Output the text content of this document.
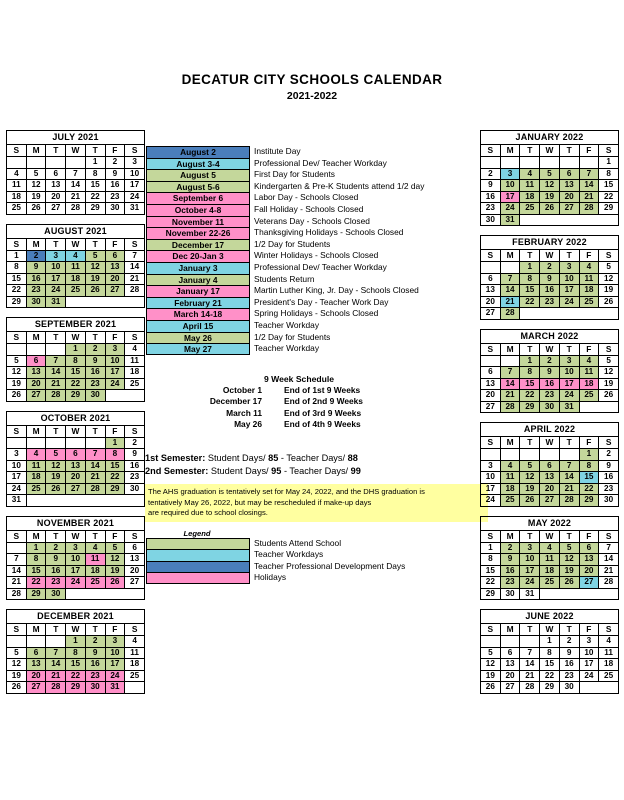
DECATUR CITY SCHOOLS CALENDAR
2021-2022
JULY 2021						
S	M	T	W	T	F	S
				1	2	3
4	5	6	7	8	9	10
11	12	13	14	15	16	17
18	19	20	21	22	23	24
25	26	27	28	29	30	31
AUGUST 2021						
S	M	T	W	T	F	S
1	2	3	4	5	6	7
8	9	10	11	12	13	14
15	16	17	18	19	20	21
22	23	24	25	26	27	28
29	30	31				
SEPTEMBER 2021						
S	M	T	W	T	F	S
			1	2	3	4
5	6	7	8	9	10	11
12	13	14	15	16	17	18
19	20	21	22	23	24	25
26	27	28	29	30		
OCTOBER 2021						
S	M	T	W	T	F	S
					1	2
3	4	5	6	7	8	9
10	11	12	13	14	15	16
17	18	19	20	21	22	23
24	25	26	27	28	29	30
31						
NOVEMBER 2021						
S	M	T	W	T	F	S
	1	2	3	4	5	6
7	8	9	10	11	12	13
14	15	16	17	18	19	20
21	22	23	24	25	26	27
28	29	30				
DECEMBER 2021						
S	M	T	W	T	F	S
			1	2	3	4
5	6	7	8	9	10	11
12	13	14	15	16	17	18
19	20	21	22	23	24	25
26	27	28	29	30	31	
August 2	Institute Day
August 3-4	Professional Dev/ Teacher Workday
August 5	First Day for Students
August 5-6	Kindergarten & Pre-K Students attend 1/2 day
September 6	Labor Day - Schools Closed
October 4-8	Fall Holiday - Schools Closed
November 11	Veterans Day - Schools Closed
November 22-26	Thanksgiving Holidays - Schools Closed
December 17	1/2 Day for Students
Dec 20-Jan 3	Winter Holidays - Schools Closed
January 3	Professional Dev/ Teacher Workday
January 4	Students Return
January 17	Martin Luther King, Jr. Day - Schools Closed
February 21	President's Day - Teacher Work Day
March 14-18	Spring Holidays - Schools Closed
April 15	Teacher Workday
May 26	1/2 Day for Students
May 27	Teacher Workday
9 Week Schedule
October 1	End of 1st 9 Weeks
December 17	End of 2nd 9 Weeks
March 11	End of 3rd 9 Weeks
May 26	End of 4th 9 Weeks
1st Semester: Student Days/ 85 - Teacher Days/ 88
2nd Semester: Student Days/ 95 - Teacher Days/ 99
The AHS graduation is tentatively set for May 24, 2022, and the DHS graduation is
tentatively May 26, 2022, but may be rescheduled if make-up days
are required due to school closings.
Legend
Students Attend School
Teacher Workdays
Teacher Professional Development Days
Holidays
JANUARY 2022						
S	M	T	W	T	F	S
						1
2	3	4	5	6	7	8
9	10	11	12	13	14	15
16	17	18	19	20	21	22
23	24	25	26	27	28	29
30	31					
FEBRUARY 2022						
S	M	T	W	T	F	S
		1	2	3	4	5
6	7	8	9	10	11	12
13	14	15	16	17	18	19
20	21	22	23	24	25	26
27	28					
MARCH 2022						
S	M	T	W	T	F	S
		1	2	3	4	5
6	7	8	9	10	11	12
13	14	15	16	17	18	19
20	21	22	23	24	25	26
27	28	29	30	31		
APRIL 2022						
S	M	T	W	T	F	S
					1	2
3	4	5	6	7	8	9
10	11	12	13	14	15	16
17	18	19	20	21	22	23
24	25	26	27	28	29	30
MAY 2022						
S	M	T	W	T	F	S
1	2	3	4	5	6	7
8	9	10	11	12	13	14
15	16	17	18	19	20	21
22	23	24	25	26	27	28
29	30	31				
JUNE 2022						
S	M	T	W	T	F	S
			1	2	3	4
5	6	7	8	9	10	11
12	13	14	15	16	17	18
19	20	21	22	23	24	25
26	27	28	29	30		
